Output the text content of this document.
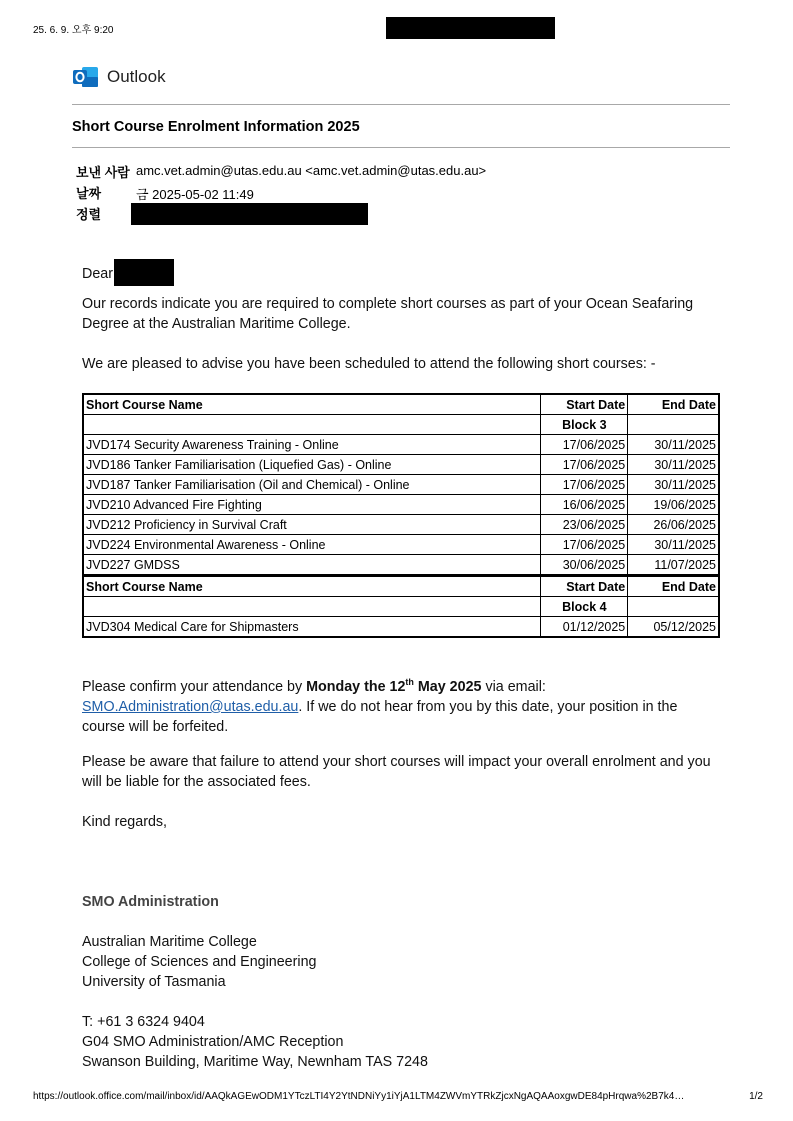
25. 6. 9. 오후 9:20
Outlook
Short Course Enrolment Information 2025
보낸 사람 amc.vet.admin@utas.edu.au <amc.vet.admin@utas.edu.au>
날짜	금 2025-05-02 11:49
정렬
Dear
Our records indicate you are required to complete short courses as part of your Ocean Seafaring Degree at the Australian Maritime College.
We are pleased to advise you have been scheduled to attend the following short courses: -
Short Course Name	Start Date	End Date
	Block 3	
JVD174 Security Awareness Training - Online	17/06/2025	30/11/2025
JVD186 Tanker Familiarisation (Liquefied Gas) - Online	17/06/2025	30/11/2025
JVD187 Tanker Familiarisation (Oil and Chemical) - Online	17/06/2025	30/11/2025
JVD210 Advanced Fire Fighting	16/06/2025	19/06/2025
JVD212 Proficiency in Survival Craft	23/06/2025	26/06/2025
JVD224 Environmental Awareness - Online	17/06/2025	30/11/2025
JVD227 GMDSS	30/06/2025	11/07/2025
Short Course Name	Start Date	End Date
	Block 4	
JVD304 Medical Care for Shipmasters	01/12/2025	05/12/2025
Please confirm your attendance by Monday the 12th May 2025 via email:
SMO.Administration@utas.edu.au. If we do not hear from you by this date, your position in the course will be forfeited.
Please be aware that failure to attend your short courses will impact your overall enrolment and you will be liable for the associated fees.
Kind regards,
SMO Administration
Australian Maritime College
College of Sciences and Engineering
University of Tasmania
T: +61 3 6324 9404
G04 SMO Administration/AMC Reception
Swanson Building, Maritime Way, Newnham TAS 7248
https://outlook.office.com/mail/inbox/id/AAQkAGEwODM1YTczLTI4Y2YtNDNiYy1iYjA1LTM4ZWVmYTRkZjcxNgAQAAoxgwDE84pHrqwa%2B7k4…	1/2
